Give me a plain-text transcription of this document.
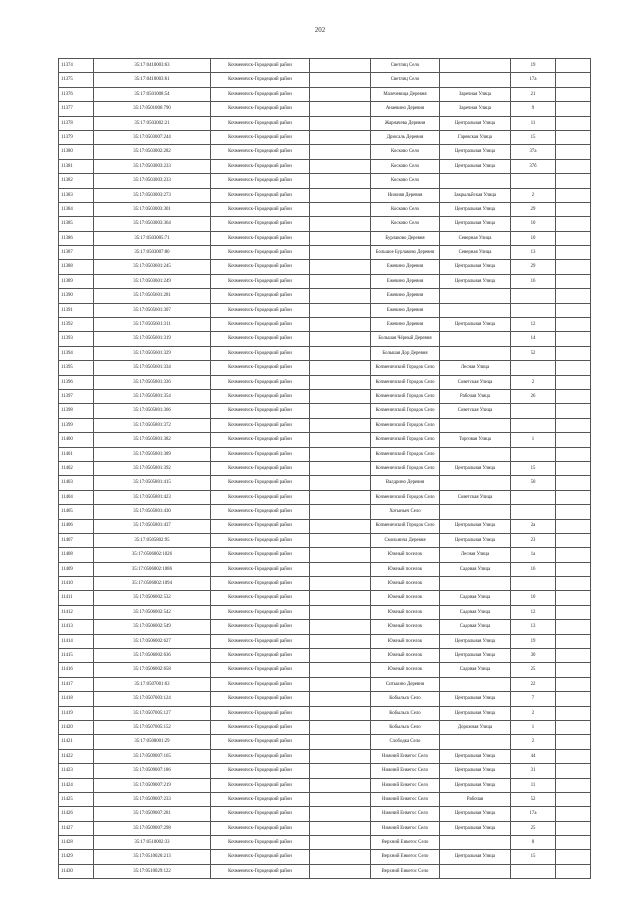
202
11374	35:17:0410003:63	Кочменичск-Городецкий район		Светлиц Село		19	
11375	35:17:0410003:61	Кочменичск-Городецкий район		Светлиц Село		17а	
11376	35:17:0501008:54	Кочменичск-Городецкий район		Малечевица Деревня	Заречная Улица	21	
11377	35:17:0501006:790	Кочменичск-Городецкий район		Анаевино Деревня	Заречная Улица	9	
11378	35:17:0503002:21	Кочменичск-Городецкий район		Жарначева Деревня	Центральная Улица	11	
11379	35:17:0503007:244	Кочменичск-Городецкий район		Дрюсаль Деревня	Гаревская Улица	15	
11380	35:17:0503002:282	Кочменичск-Городецкий район		Косково Село	Центральная Улица	37а	
11381	35:17:0503003:233	Кочменичск-Городецкий район		Косково Село	Центральная Улица	37б	
11382	35:17:0503003:233	Кочменичск-Городецкий район		Косково Село			
11383	35:17:0503003:273	Кочменичск-Городецкий район		Нижняя Деревня	Закрыльйская Улица	2	
11384	35:17:0503003:301	Кочменичск-Городецкий район		Косково Село	Центральная Улица	29	
11385	35:17:0503003:364	Кочменичск-Городецкий район		Косково Село	Центральная Улица	10	
11386	35:17:0503005:71	Кочменичск-Городецкий район		Бурлаково Деревня	Северная Улица	10	
11387	35:17:0503007:80	Кочменичск-Городецкий район		Большое Бурлаково Деревня	Северная Улица	13	
11388	35:17:0503601:245	Кочменичск-Городецкий район		Ежевино Деревня	Центральная Улица	29	
11389	35:17:0503601:249	Кочменичск-Городецкий район		Ежевино Деревня	Центральная Улица	16	
11390	35:17:0505601:281	Кочменичск-Городецкий район		Ежевино Деревня			
11391	35:17:0505601:307	Кочменичск-Городецкий район		Ежевино Деревня			
11392	35:17:0505601:311	Кочменичск-Городецкий район		Ежевино Деревня	Центральная Улица	12	
11393	35:17:0505601:319	Кочменичск-Городецкий район		Большая Чёрный Деревня		14	
11394	35:17:0505601:329	Кочменичск-Городецкий район		Большая Дор Деревня		52	
11395	35:17:0505601:334	Кочменичск-Городецкий район		Кочменичский Городок Село	Лесная Улица		
11396	35:17:0505801:336	Кочменичск-Городецкий район		Кочменичский Городок Село	Советская Улица	2	
11397	35:17:0505801:354	Кочменичск-Городецкий район		Кочменичский Городок Село	Рабочая Улица	26	
11398	35:17:0505801:366	Кочменичск-Городецкий район		Кочменичский Городок Село	Советская Улица		
11399	35:17:0505801:372	Кочменичск-Городецкий район		Кочменичский Городок Село			
11400	35:17:0505801:382	Кочменичск-Городецкий район		Кочменичский Городок Село	Торговая Улица	1	
11401	35:17:0505801:389	Кочменичск-Городецкий район		Кочменичский Городок Село			
11402	35:17:0505801:392	Кочменичск-Городецкий район		Кочменичский Городок Село	Центральная Улица	15	
11403	35:17:0505801:415	Кочменичск-Городецкий район		Валдрино Деревня		50	
11404	35:17:0505801:423	Кочменичск-Городецкий район		Кочменичский Городок Село	Советская Улица		
11405	35:17:0505801:430	Кочменичск-Городецкий район		Хотыньеч Село			
11406	35:17:0505801:437	Кочменичск-Городецкий район		Кочменичский Городок Село	Центральная Улица	2а	
11407	35:17:0505802:95	Кочменичск-Городецкий район		Смольнича Деревня	Центральная Улица	23	
11408	35:17:0506002:1026	Кочменичск-Городецкий район		Южный поселок	Лесная Улица	1а	
11409	35:17:0506002:1086	Кочменичск-Городецкий район		Южный поселок	Садовая Улица	16	
11410	35:17:0506002:1094	Кочменичск-Городецкий район		Южный поселок			
11411	35:17:0506002:532	Кочменичск-Городецкий район		Южный поселок	Садовая Улица	10	
11412	35:17:0506002:542	Кочменичск-Городецкий район		Южный поселок	Садовая Улица	12	
11413	35:17:0506002:549	Кочменичск-Городецкий район		Южный поселок	Садовая Улица	13	
11414	35:17:0506002:627	Кочменичск-Городецкий район		Южный поселок	Центральная Улица	19	
11415	35:17:0506002:636	Кочменичск-Городецкий район		Южный поселок	Центральная Улица	30	
11416	35:17:0506002:658	Кочменичск-Городецкий район		Южный поселок	Садовая Улица	25	
11417	35:17:0507001:63	Кочменичск-Городецкий район		Ситькино Деревня		22	
11418	35:17:0507003:124	Кочменичск-Городецкий район		Кобыльск Село	Центральная Улица	7	
11419	35:17:0507005:127	Кочменичск-Городецкий район		Кобыльск Село	Центральная Улица	2	
11420	35:17:0507005:152	Кочменичск-Городецкий район		Кобыльск Село	Дорожная Улица	1	
11421	35:17:0508001:29	Кочменичск-Городецкий район		Слободка Село		2	
11422	35:17:0509007:165	Кочменичск-Городецкий район		Нижний Енкегос Село	Центральная Улица	44	
11423	35:17:0509007:186	Кочменичск-Городецкий район		Нижний Енкегос Село	Центральная Улица	31	
11424	35:17:0509007:219	Кочменичск-Городецкий район		Нижний Енкегос Село	Центральная Улица	11	
11425	35:17:0509007:233	Кочменичск-Городецкий район		Нижний Енкегос Село	Рабочая	52	
11426	35:17:0509007:281	Кочменичск-Городецкий район		Нижний Енкегос Село	Центральная Улица	17а	
11427	35:17:0509007:298	Кочменичск-Городецкий район		Нижний Енкегос Село	Центральная Улица	25	
11428	35:17:0510002:33	Кочменичск-Городецкий район		Верхний Енкегос Село		8	
11429	35:17:0510026:213	Кочменичск-Городецкий район		Верхний Енкегос Село	Центральная Улица	15	
11430	35:17:0510029:122	Кочменичск-Городецкий район		Верхний Енкегос Село			
